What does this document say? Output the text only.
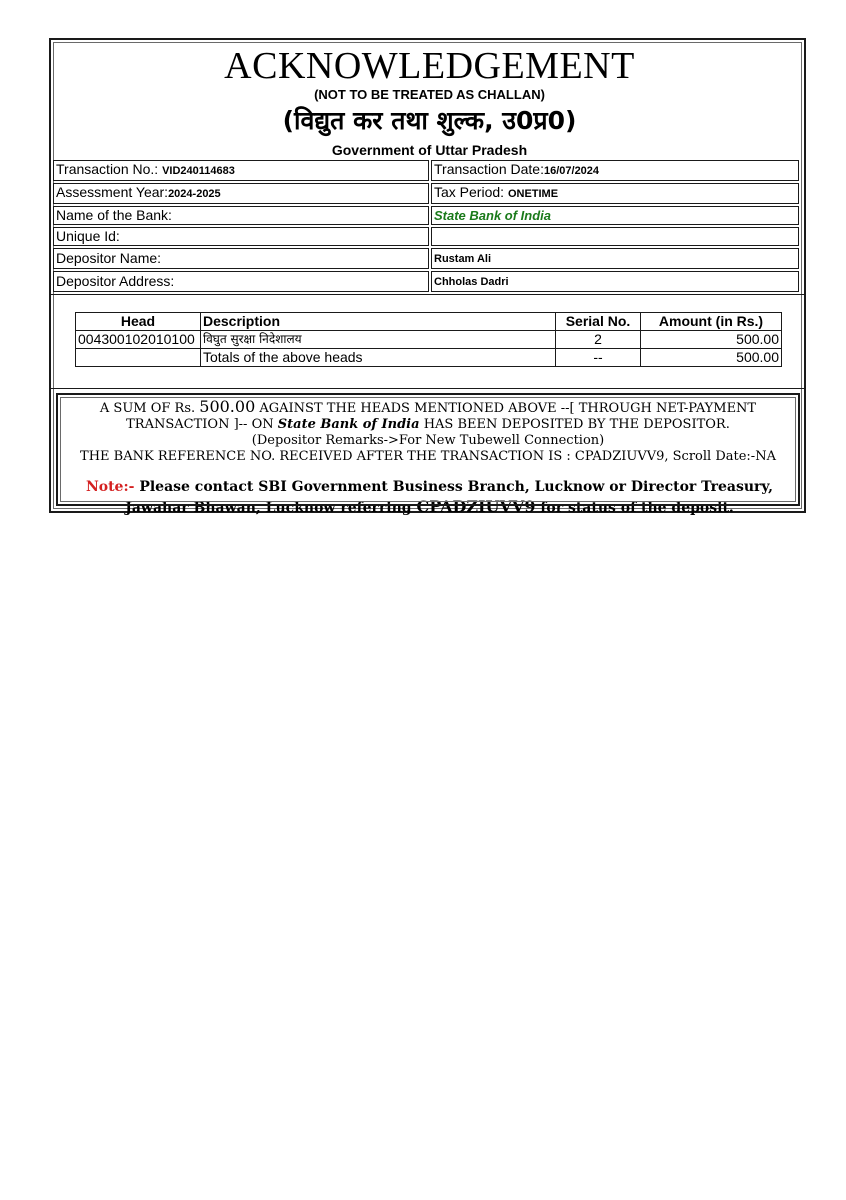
ACKNOWLEDGEMENT
(NOT TO BE TREATED AS CHALLAN)
(विद्युत कर तथा शुल्क, उ0प्र0)
Government of Uttar Pradesh
Note:- Please contact SBI Government Business Branch, Lucknow or Director Treasury,
Jawahar Bhawan, Lucknow referring CPADZIUVV9 for status of the deposit.
Transaction No.: VID240114683	Transaction Date:16/07/2024
Assessment Year:2024-2025	Tax Period: ONETIME
Name of the Bank:	State Bank of India
Unique Id:	
Depositor Name:	Rustam Ali
Depositor Address:	Chholas Dadri
Head	Description	Serial No.	Amount (in Rs.)
004300102010100	विघुत सुरक्षा निदेशालय	2	500.00
	Totals of the above heads	--	500.00
A SUM OF Rs. 500.00 AGAINST THE HEADS MENTIONED ABOVE --[ THROUGH NET-PAYMENT
TRANSACTION ]-- ON State Bank of India HAS BEEN DEPOSITED BY THE DEPOSITOR.
(Depositor Remarks->For New Tubewell Connection)
THE BANK REFERENCE NO. RECEIVED AFTER THE TRANSACTION IS : CPADZIUVV9, Scroll Date:-NA
